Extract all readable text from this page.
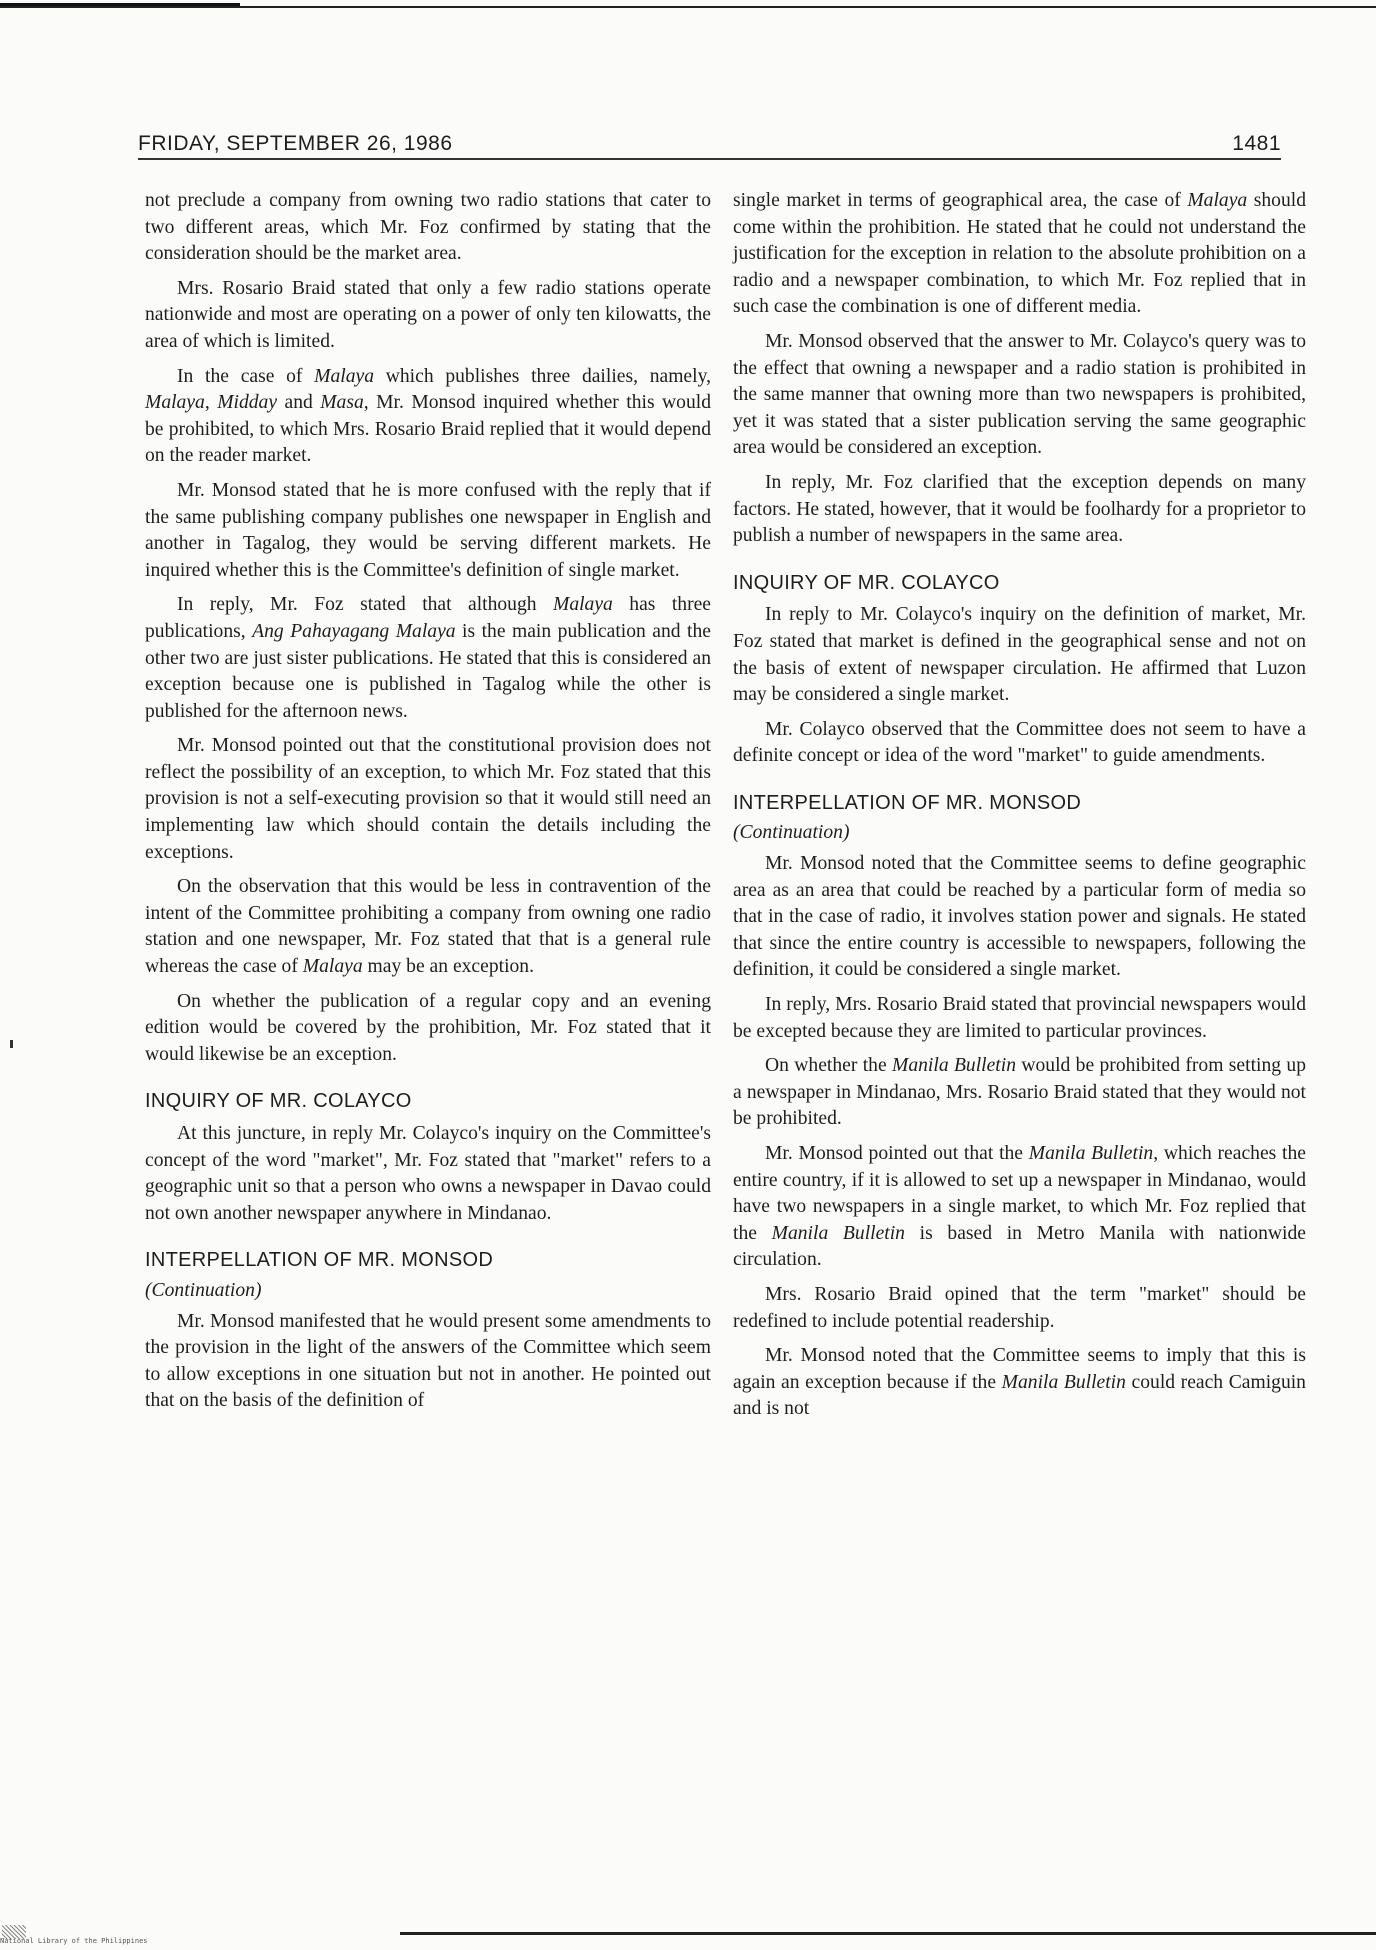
FRIDAY, SEPTEMBER 26, 1986	1481

not preclude a company from owning two radio stations that cater to two different areas, which Mr. Foz confirmed by stating that the consideration should be the market area.

Mrs. Rosario Braid stated that only a few radio stations operate nationwide and most are operating on a power of only ten kilowatts, the area of which is limited.

In the case of Malaya which publishes three dailies, namely, Malaya, Midday and Masa, Mr. Monsod inquired whether this would be prohibited, to which Mrs. Rosario Braid replied that it would depend on the reader market.

Mr. Monsod stated that he is more confused with the reply that if the same publishing company publishes one newspaper in English and another in Tagalog, they would be serving different markets. He inquired whether this is the Committee's definition of single market.

In reply, Mr. Foz stated that although Malaya has three publications, Ang Pahayagang Malaya is the main publication and the other two are just sister publications. He stated that this is considered an exception because one is published in Tagalog while the other is published for the afternoon news.

Mr. Monsod pointed out that the constitutional provision does not reflect the possibility of an exception, to which Mr. Foz stated that this provision is not a self-executing provision so that it would still need an implementing law which should contain the details including the exceptions.

On the observation that this would be less in contravention of the intent of the Committee prohibiting a company from owning one radio station and one newspaper, Mr. Foz stated that that is a general rule whereas the case of Malaya may be an exception.

On whether the publication of a regular copy and an evening edition would be covered by the prohibition, Mr. Foz stated that it would likewise be an exception.

INQUIRY OF MR. COLAYCO

At this juncture, in reply Mr. Colayco's inquiry on the Committee's concept of the word "market", Mr. Foz stated that "market" refers to a geographic unit so that a person who owns a newspaper in Davao could not own another newspaper anywhere in Mindanao.

INTERPELLATION OF MR. MONSOD
(Continuation)

Mr. Monsod manifested that he would present some amendments to the provision in the light of the answers of the Committee which seem to allow exceptions in one situation but not in another. He pointed out that on the basis of the definition of

single market in terms of geographical area, the case of Malaya should come within the prohibition. He stated that he could not understand the justification for the exception in relation to the absolute prohibition on a radio and a newspaper combination, to which Mr. Foz replied that in such case the combination is one of different media.

Mr. Monsod observed that the answer to Mr. Colayco's query was to the effect that owning a newspaper and a radio station is prohibited in the same manner that owning more than two newspapers is prohibited, yet it was stated that a sister publication serving the same geographic area would be considered an exception.

In reply, Mr. Foz clarified that the exception depends on many factors. He stated, however, that it would be foolhardy for a proprietor to publish a number of newspapers in the same area.

INQUIRY OF MR. COLAYCO

In reply to Mr. Colayco's inquiry on the definition of market, Mr. Foz stated that market is defined in the geographical sense and not on the basis of extent of newspaper circulation. He affirmed that Luzon may be considered a single market.

Mr. Colayco observed that the Committee does not seem to have a definite concept or idea of the word "market" to guide amendments.

INTERPELLATION OF MR. MONSOD
(Continuation)

Mr. Monsod noted that the Committee seems to define geographic area as an area that could be reached by a particular form of media so that in the case of radio, it involves station power and signals. He stated that since the entire country is accessible to newspapers, following the definition, it could be considered a single market.

In reply, Mrs. Rosario Braid stated that provincial newspapers would be excepted because they are limited to particular provinces.

On whether the Manila Bulletin would be prohibited from setting up a newspaper in Mindanao, Mrs. Rosario Braid stated that they would not be prohibited.

Mr. Monsod pointed out that the Manila Bulletin, which reaches the entire country, if it is allowed to set up a newspaper in Mindanao, would have two newspapers in a single market, to which Mr. Foz replied that the Manila Bulletin is based in Metro Manila with nationwide circulation.

Mrs. Rosario Braid opined that the term "market" should be redefined to include potential readership.

Mr. Monsod noted that the Committee seems to imply that this is again an exception because if the Manila Bulletin could reach Camiguin and is not

National Library of the Philippines
